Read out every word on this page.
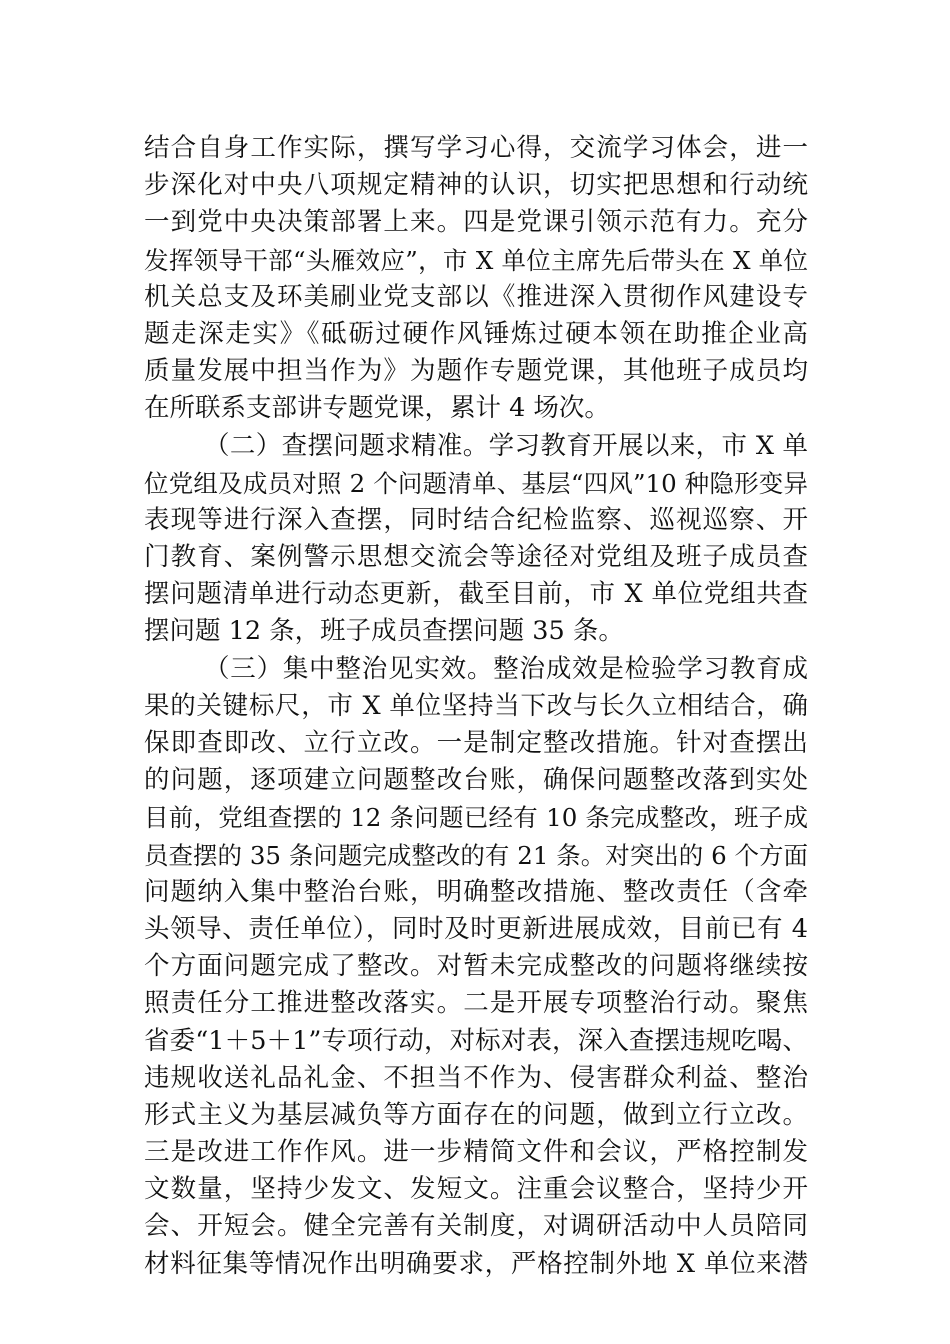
结合自身工作实际，撰写学习心得，交流学习体会，进一
步深化对中央八项规定精神的认识，切实把思想和行动统
一到党中央决策部署上来。四是党课引领示范有力。充分
发挥领导干部“头雁效应”，市 X 单位主席先后带头在 X 单位
机关总支及环美刷业党支部以《推进深入贯彻作风建设专
题走深走实》《砥砺过硬作风锤炼过硬本领在助推企业高
质量发展中担当作为》为题作专题党课，其他班子成员均
在所联系支部讲专题党课，累计 4 场次。
（二）查摆问题求精准。学习教育开展以来，市 X 单
位党组及成员对照 2 个问题清单、基层“四风”10 种隐形变异
表现等进行深入查摆，同时结合纪检监察、巡视巡察、开
门教育、案例警示思想交流会等途径对党组及班子成员查
摆问题清单进行动态更新，截至目前，市 X 单位党组共查
摆问题 12 条，班子成员查摆问题 35 条。
（三）集中整治见实效。整治成效是检验学习教育成
果的关键标尺，市 X 单位坚持当下改与长久立相结合，确
保即查即改、立行立改。一是制定整改措施。针对查摆出
的问题，逐项建立问题整改台账，确保问题整改落到实处
目前，党组查摆的 12 条问题已经有 10 条完成整改，班子成
员查摆的 35 条问题完成整改的有 21 条。对突出的 6 个方面
问题纳入集中整治台账，明确整改措施、整改责任（含牵
头领导、责任单位），同时及时更新进展成效，目前已有 4
个方面问题完成了整改。对暂未完成整改的问题将继续按
照责任分工推进整改落实。二是开展专项整治行动。聚焦
省委“1＋5＋1”专项行动，对标对表，深入查摆违规吃喝、
违规收送礼品礼金、不担当不作为、侵害群众利益、整治
形式主义为基层减负等方面存在的问题，做到立行立改。
三是改进工作作风。进一步精简文件和会议，严格控制发
文数量，坚持少发文、发短文。注重会议整合，坚持少开
会、开短会。健全完善有关制度，对调研活动中人员陪同
材料征集等情况作出明确要求，严格控制外地 X 单位来潜
